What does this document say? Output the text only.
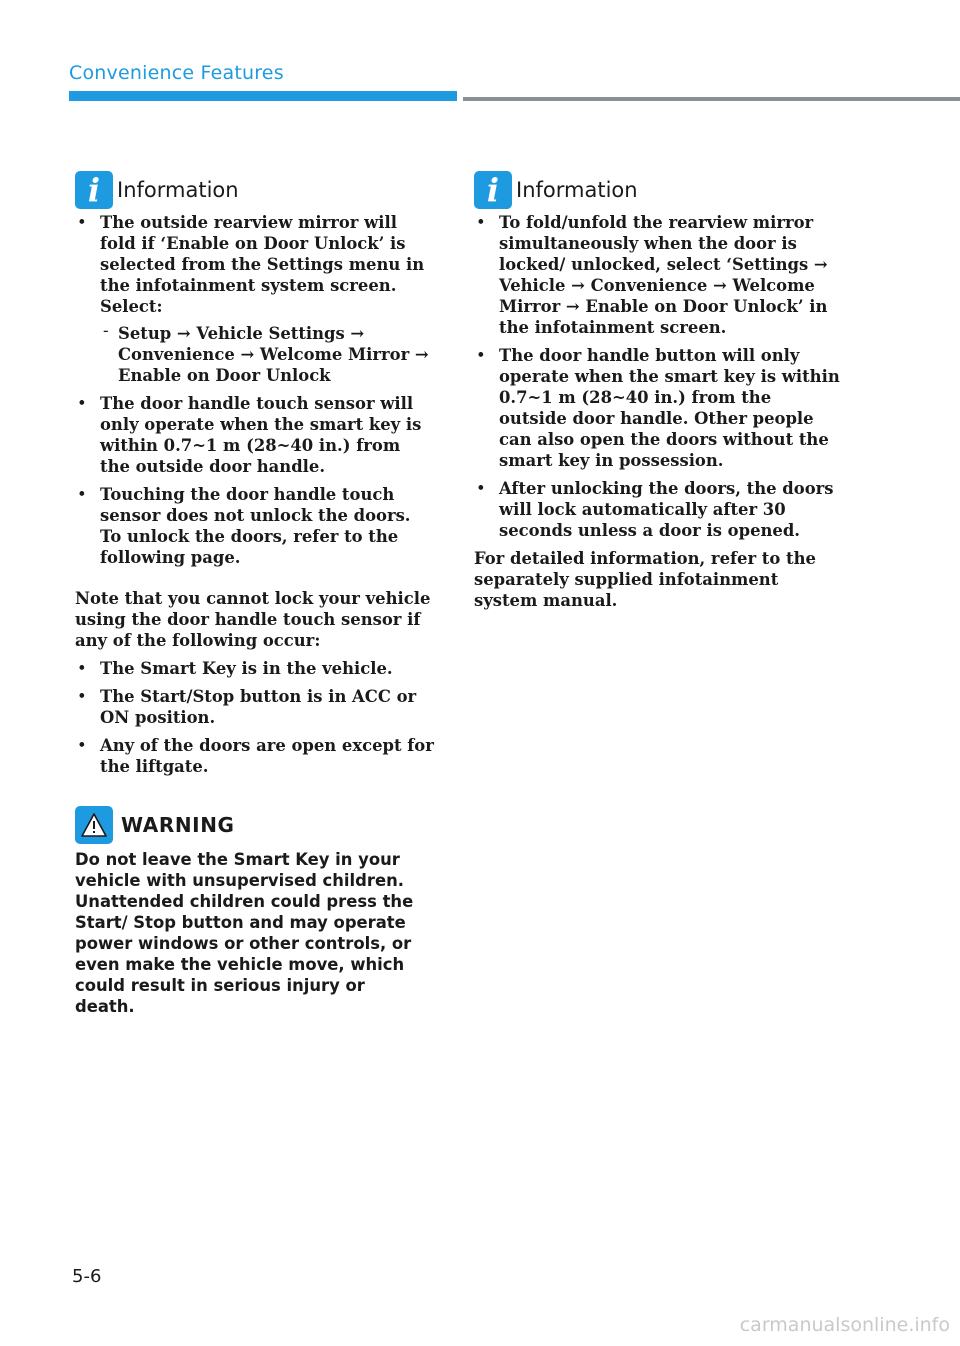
Convenience Features
i Information
• The outside rearview mirror will fold if ‘Enable on Door Unlock’ is selected from the Settings menu in the infotainment system screen. Select:
- Setup → Vehicle Settings → Convenience → Welcome Mirror → Enable on Door Unlock
• The door handle touch sensor will only operate when the smart key is within 0.7~1 m (28~40 in.) from the outside door handle.
• Touching the door handle touch sensor does not unlock the doors. To unlock the doors, refer to the following page.

Note that you cannot lock your vehicle using the door handle touch sensor if any of the following occur:

• The Smart Key is in the vehicle.
• The Start/Stop button is in ACC or ON position.
• Any of the doors are open except for the liftgate.
WARNING

Do not leave the Smart Key in your vehicle with unsupervised children. Unattended children could press the Start/ Stop button and may operate power windows or other controls, or even make the vehicle move, which could result in serious injury or death.

i Information
• To fold/unfold the rearview mirror simultaneously when the door is locked/ unlocked, select ‘Settings → Vehicle → Convenience → Welcome Mirror → Enable on Door Unlock’ in the infotainment screen.
• The door handle button will only operate when the smart key is within 0.7~1 m (28~40 in.) from the outside door handle. Other people can also open the doors without the smart key in possession.
• After unlocking the doors, the doors will lock automatically after 30 seconds unless a door is opened.

For detailed information, refer to the separately supplied infotainment system manual.

5-6
carmanualsonline.info
